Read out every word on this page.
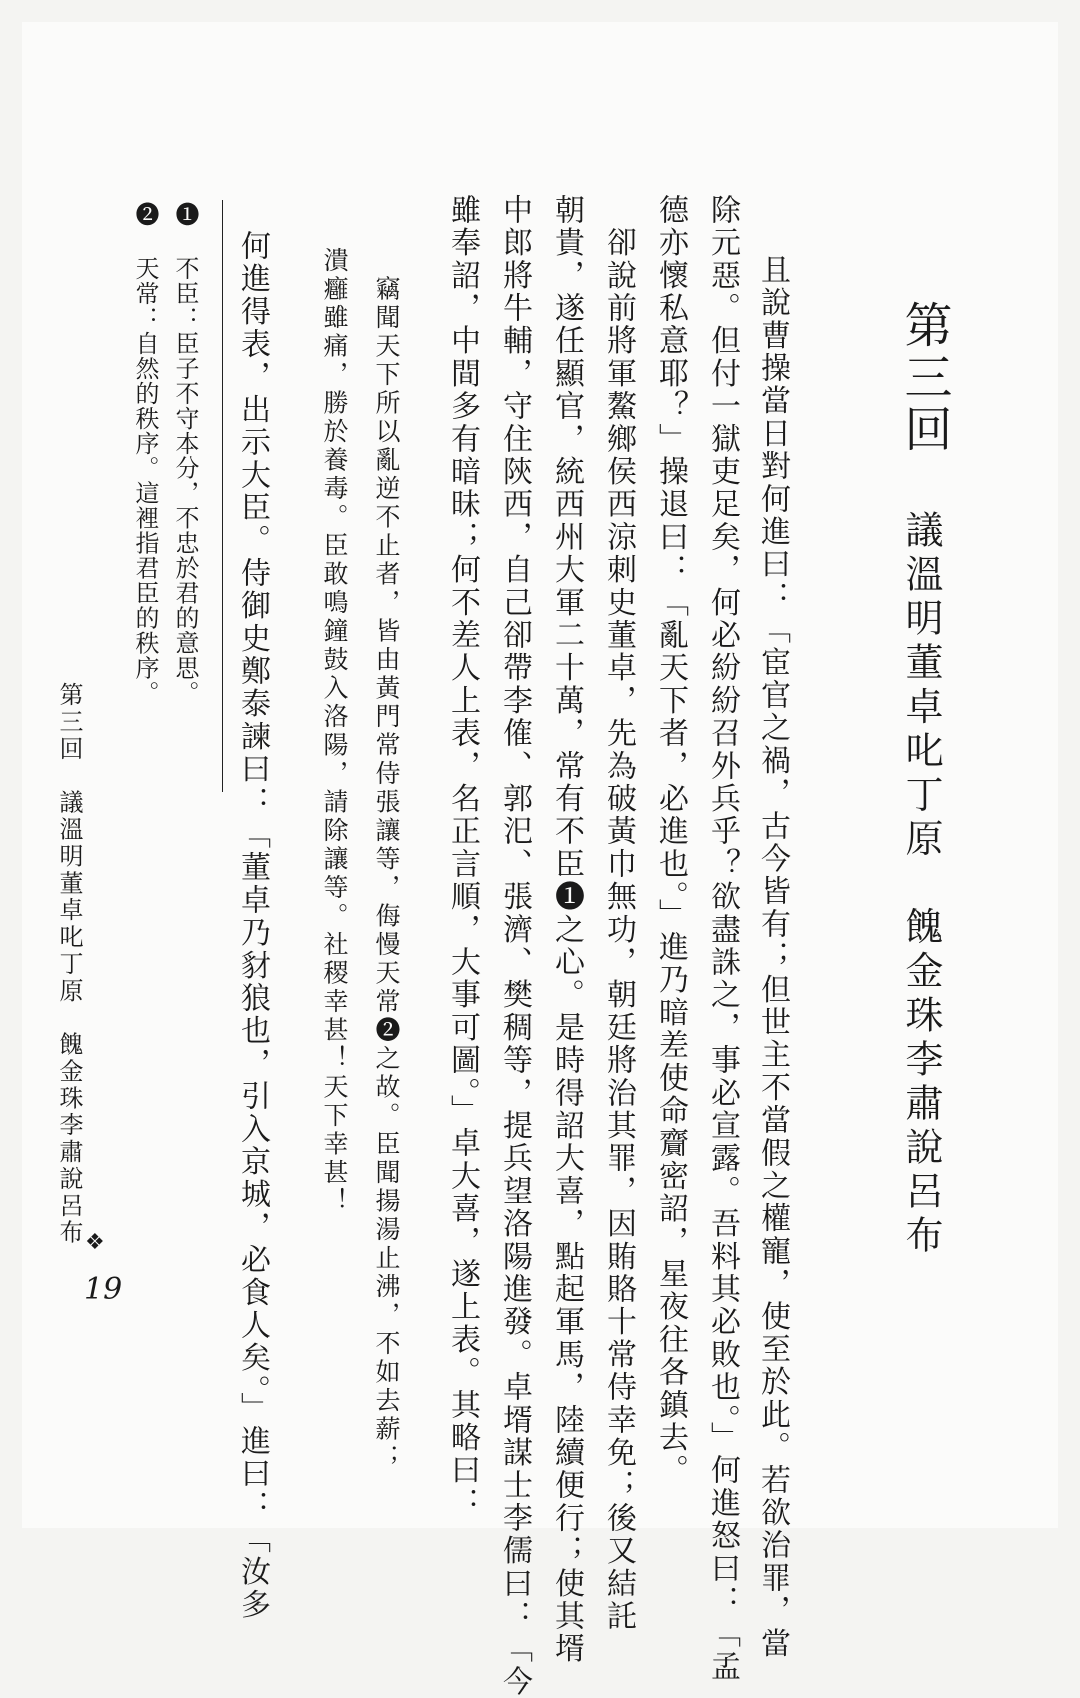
第三回
議溫明董卓叱丁原　餽金珠李肅說呂布
且說曹操當日對何進曰：「宦官之禍，古今皆有；但世主不當假之權寵，使至於此。若欲治罪，當
除元惡。但付一獄吏足矣，何必紛紛召外兵乎？欲盡誅之，事必宣露。吾料其必敗也。」何進怒曰：「孟
德亦懷私意耶？」操退曰：「亂天下者，必進也。」進乃暗差使命齎密詔，星夜往各鎮去。
　卻說前將軍鰲鄉侯西涼刺史董卓，先為破黃巾無功，朝廷將治其罪，因賄賂十常侍幸免；後又結託
朝貴，遂任顯官，統西州大軍二十萬，常有不臣❶之心。是時得詔大喜，點起軍馬，陸續便行；使其壻
中郎將牛輔，守住陝西，自己卻帶李傕、郭汜、張濟、樊稠等，提兵望洛陽進發。卓壻謀士李儒曰：「今
雖奉詔，中間多有暗昧；何不差人上表，名正言順，大事可圖。」卓大喜，遂上表。其略曰：
　竊聞天下所以亂逆不止者，皆由黃門常侍張讓等，侮慢天常❷之故。臣聞揚湯止沸，不如去薪；
潰癰雖痛，勝於養毒。臣敢鳴鐘鼓入洛陽，請除讓等。社稷幸甚！天下幸甚！
何進得表，出示大臣。侍御史鄭泰諫曰：「董卓乃豺狼也，引入京城，必食人矣。」進曰：「汝多
❶ 不臣：臣子不守本分，不忠於君的意思。
❷ 天常：自然的秩序。這裡指君臣的秩序。
第三回　議溫明董卓叱丁原　餽金珠李肅說呂布 ❖
19
